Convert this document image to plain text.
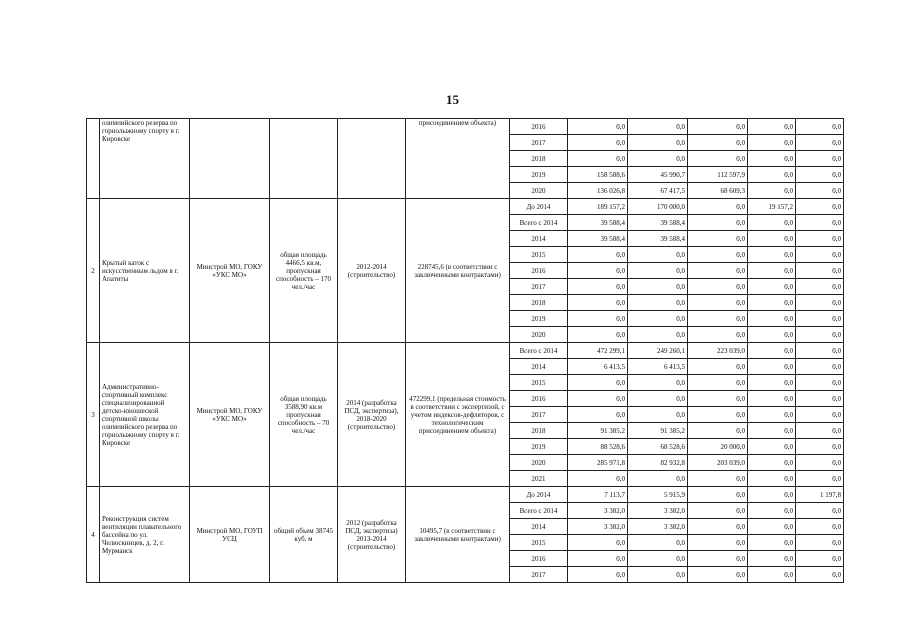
15
	олимпийского резерва по горнолыжному спорту в г. Кировске				присоединением объекта)	2016	0,0	0,0	0,0	0,0	0,0
						2017	0,0	0,0	0,0	0,0	0,0
						2018	0,0	0,0	0,0	0,0	0,0
						2019	158 588,6	45 990,7	112 597,9	0,0	0,0
						2020	136 026,8	67 417,5	68 609,3	0,0	0,0
2	Крытый каток с искусственным льдом в г. Апатиты	Минстрой МО, ГОКУ «УКС МО»	общая площадь 4466,5 кв.м, пропускная способность – 170 чел./час	2012-2014 (строительство)	228745,6 (в соответствии с заключенными контрактами)	До 2014	189 157,2	170 000,0	0,0	19 157,2	0,0
						Всего с 2014	39 588,4	39 588,4	0,0	0,0	0,0
						2014	39 588,4	39 588,4	0,0	0,0	0,0
						2015	0,0	0,0	0,0	0,0	0,0
						2016	0,0	0,0	0,0	0,0	0,0
						2017	0,0	0,0	0,0	0,0	0,0
						2018	0,0	0,0	0,0	0,0	0,0
						2019	0,0	0,0	0,0	0,0	0,0
						2020	0,0	0,0	0,0	0,0	0,0
3	Административно-спортивный комплекс специализированной детско-юношеской спортивной школы олимпийского резерва по горнолыжному спорту в г. Кировске	Минстрой МО, ГОКУ «УКС МО»	общая площадь 3588,90 кв.м пропускная способность – 70 чел./час	2014 (разработка ПСД, экспертиза), 2018-2020 (строительство)	472299,1 (предельная стоимость в соответствии с экспертизой, с учетом индексов-дефляторов, с технологическим присоединением объекта)	Всего с 2014	472 299,1	249 260,1	223 039,0	0,0	0,0
						2014	6 413,5	6 413,5	0,0	0,0	0,0
						2015	0,0	0,0	0,0	0,0	0,0
						2016	0,0	0,0	0,0	0,0	0,0
						2017	0,0	0,0	0,0	0,0	0,0
						2018	91 385,2	91 385,2	0,0	0,0	0,0
						2019	88 528,6	68 528,6	20 000,0	0,0	0,0
						2020	285 971,8	82 932,8	203 039,0	0,0	0,0
						2021	0,0	0,0	0,0	0,0	0,0
4	Реконструкция систем вентиляции плавательного бассейна по ул. Челюскинцев, д. 2, г. Мурманск	Минстрой МО, ГОУП УСЦ	общий объем 38745 куб. м	2012 (разработка ПСД, экспертиза) 2013-2014 (строительство)	10495,7 (в соответствии с заключенными контрактами)	До 2014	7 113,7	5 915,9	0,0	0,0	1 197,8
						Всего с 2014	3 382,0	3 382,0	0,0	0,0	0,0
						2014	3 382,0	3 382,0	0,0	0,0	0,0
						2015	0,0	0,0	0,0	0,0	0,0
						2016	0,0	0,0	0,0	0,0	0,0
						2017	0,0	0,0	0,0	0,0	0,0
